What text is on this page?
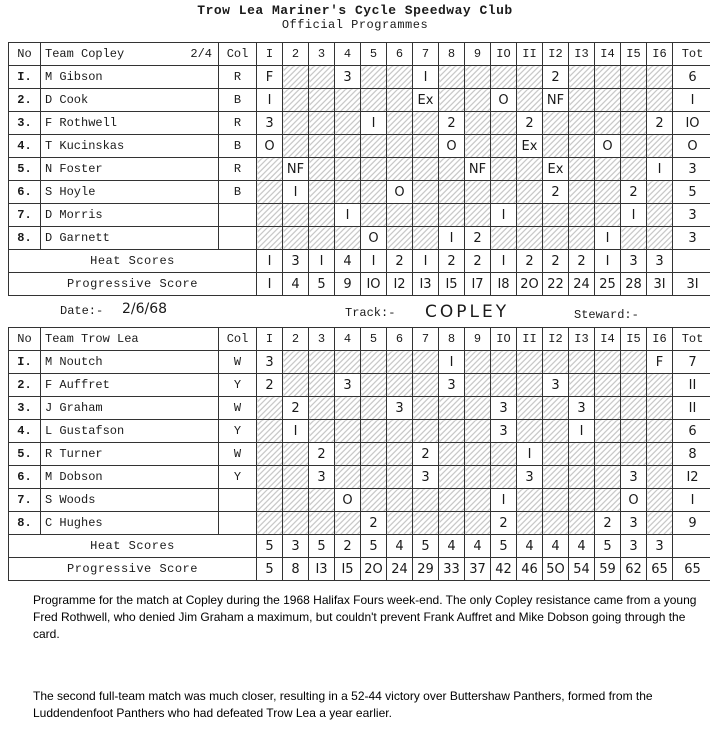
Trow Lea Mariner's Cycle Speedway Club
Official Programmes
No	Team Copley 2/4	Col	I	2	3	4	5	6	7	8	9	IO	II	I2	I3	I4	I5	I6	Tot
I.	M Gibson	R	F			3			I					2					6
2.	D Cook	B	I						Ex			O		NF					I
3.	F Rothwell	R	3				I			2			2					2	IO
4.	T Kucinskas	B	O							O			Ex			O			O
5.	N Foster	R		NF							NF			Ex				I	3
6.	S Hoyle	B		I				O						2			2		5
7.	D Morris					I						I					I		3
8.	D Garnett						O			I	2					I			3
Heat Scores			I	3	I	4	I	2	I	2	2	I	2	2	2	I	3	3	
Progressive Score			I	4	5	9	IO	I2	I3	I5	I7	I8	2O	22	24	25	28	3I	3I
Date:- 2/6/68	Track:- COPLEY	Steward:-
No	Team Trow Lea	Col	I	2	3	4	5	6	7	8	9	IO	II	I2	I3	I4	I5	I6	Tot
I.	M Noutch	W	3							I								F	7
2.	F Auffret	Y	2			3				3				3					II
3.	J Graham	W		2				3				3			3				II
4.	L Gustafson	Y		I								3			I				6
5.	R Turner	W			2				2				I						8
6.	M Dobson	Y			3				3				3				3		I2
7.	S Woods					O						I					O		I
8.	C Hughes						2					2				2	3		9
Heat Scores			5	3	5	2	5	4	5	4	4	5	4	4	4	5	3	3	
Progressive Score			5	8	I3	I5	2O	24	29	33	37	42	46	5O	54	59	62	65	65
Programme for the match at Copley during the 1968 Halifax Fours week-end. The only Copley resistance came from a young Fred Rothwell, who denied Jim Graham a maximum, but couldn't prevent Frank Auffret and Mike Dobson going through the card.
The second full-team match was much closer, resulting in a 52-44 victory over Buttershaw Panthers, formed from the Luddendenfoot Panthers who had defeated Trow Lea a year earlier.
